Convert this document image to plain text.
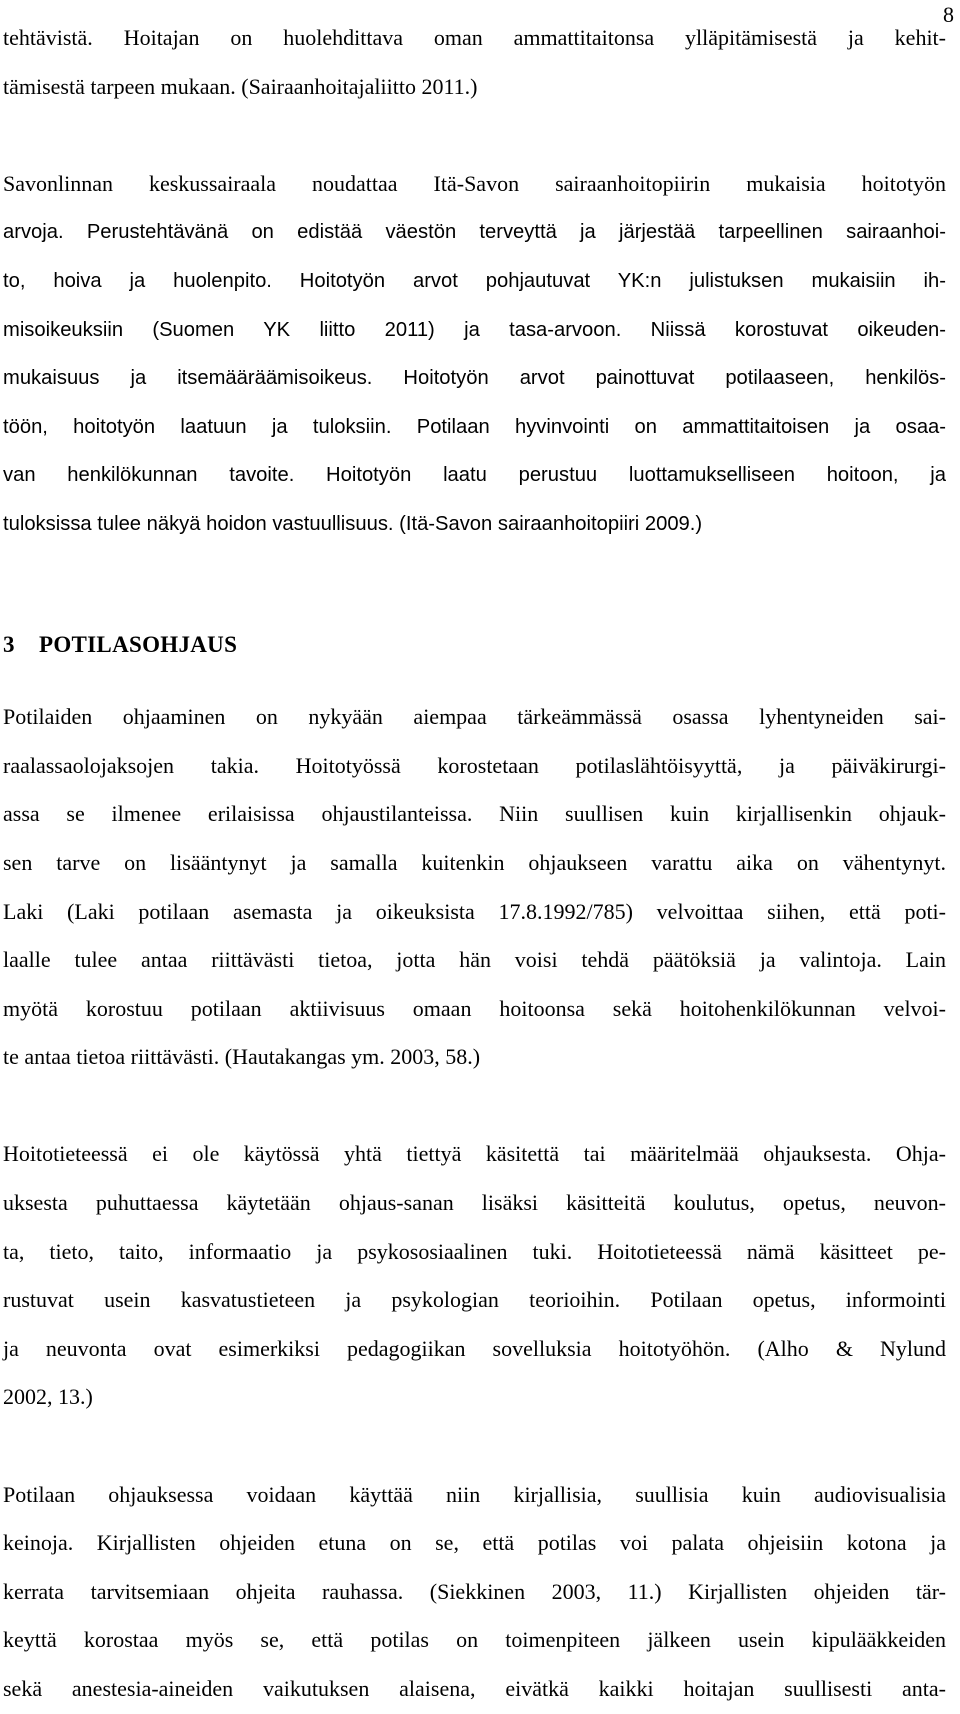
8

tehtävistä. Hoitajan on huolehdittava oman ammattitaitonsa ylläpitämisestä ja kehit-
tämisestä tarpeen mukaan. (Sairaanhoitajaliitto 2011.)

Savonlinnan keskussairaala noudattaa Itä-Savon sairaanhoitopiirin mukaisia hoitotyön
arvoja. Perustehtävänä on edistää väestön terveyttä ja järjestää tarpeellinen sairaanhoi-
to, hoiva ja huolenpito. Hoitotyön arvot pohjautuvat YK:n julistuksen mukaisiin ih-
misoikeuksiin (Suomen YK liitto 2011) ja tasa-arvoon. Niissä korostuvat oikeuden-
mukaisuus ja itsemääräämisoikeus. Hoitotyön arvot painottuvat potilaaseen, henkilös-
töön, hoitotyön laatuun ja tuloksiin. Potilaan hyvinvointi on ammattitaitoisen ja osaa-
van henkilökunnan tavoite. Hoitotyön laatu perustuu luottamukselliseen hoitoon, ja
tuloksissa tulee näkyä hoidon vastuullisuus. (Itä-Savon sairaanhoitopiiri 2009.)

3 POTILASOHJAUS

Potilaiden ohjaaminen on nykyään aiempaa tärkeämmässä osassa lyhentyneiden sai-
raalassaolojaksojen takia. Hoitotyössä korostetaan potilaslähtöisyyttä, ja päiväkirurgi-
assa se ilmenee erilaisissa ohjaustilanteissa. Niin suullisen kuin kirjallisenkin ohjauk-
sen tarve on lisääntynyt ja samalla kuitenkin ohjaukseen varattu aika on vähentynyt.
Laki (Laki potilaan asemasta ja oikeuksista 17.8.1992/785) velvoittaa siihen, että poti-
laalle tulee antaa riittävästi tietoa, jotta hän voisi tehdä päätöksiä ja valintoja. Lain
myötä korostuu potilaan aktiivisuus omaan hoitoonsa sekä hoitohenkilökunnan velvoi-
te antaa tietoa riittävästi. (Hautakangas ym. 2003, 58.)

Hoitotieteessä ei ole käytössä yhtä tiettyä käsitettä tai määritelmää ohjauksesta. Ohja-
uksesta puhuttaessa käytetään ohjaus-sanan lisäksi käsitteitä koulutus, opetus, neuvon-
ta, tieto, taito, informaatio ja psykososiaalinen tuki. Hoitotieteessä nämä käsitteet pe-
rustuvat usein kasvatustieteen ja psykologian teorioihin. Potilaan opetus, informointi
ja neuvonta ovat esimerkiksi pedagogiikan sovelluksia hoitotyöhön. (Alho & Nylund
2002, 13.)

Potilaan ohjauksessa voidaan käyttää niin kirjallisia, suullisia kuin audiovisualisia
keinoja. Kirjallisten ohjeiden etuna on se, että potilas voi palata ohjeisiin kotona ja
kerrata tarvitsemiaan ohjeita rauhassa. (Siekkinen 2003, 11.) Kirjallisten ohjeiden tär-
keyttä korostaa myös se, että potilas on toimenpiteen jälkeen usein kipulääkkeiden
sekä anestesia-aineiden vaikutuksen alaisena, eivätkä kaikki hoitajan suullisesti anta-
